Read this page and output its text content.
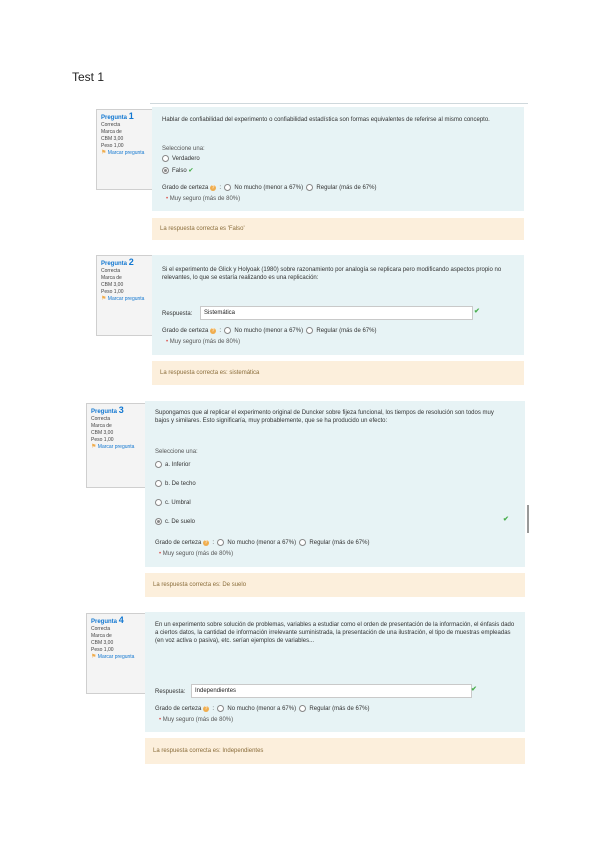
Test 1
Pregunta 1
Correcta
Marca de
CBM 3,00
Peso 1,00
⚑ Marcar pregunta

Hablar de confiabilidad del experimento o confiabilidad estadística son formas equivalentes de referirse al mismo concepto.

Seleccione una:
Verdadero
Falso ✔
Grado de certeza ?  :  No mucho (menor a 67%) Regular (más de 67%)
• Muy seguro (más de 80%)
La respuesta correcta es 'Falso'
Pregunta 2
Correcta
Marca de
CBM 3,00
Peso 1,00
⚑ Marcar pregunta

Si el experimento de Glick y Holyoak (1980) sobre razonamiento por analogía se replicara pero modificando aspectos propio no relevantes, lo que se estaría realizando es una replicación:

Respuesta:	Sistemática	✔
Grado de certeza ?  :  No mucho (menor a 67%) Regular (más de 67%)
• Muy seguro (más de 80%)
La respuesta correcta es: sistemática
Pregunta 3
Correcta
Marca de
CBM 3,00
Peso 1,00
⚑ Marcar pregunta

Supongamos que al replicar el experimento original de Duncker sobre fijeza funcional, los tiempos de resolución son todos muy bajos y similares. Esto significaría, muy probablemente, que se ha producido un efecto:

Seleccione una:
a. Inferior
b. De techo
c. Umbral
c. De suelo	✔
Grado de certeza ?  :  No mucho (menor a 67%) Regular (más de 67%)
• Muy seguro (más de 80%)
La respuesta correcta es: De suelo
Pregunta 4
Correcta
Marca de
CBM 3,00
Peso 1,00
⚑ Marcar pregunta

En un experimento sobre solución de problemas, variables a estudiar como el orden de presentación de la información, el énfasis dado a ciertos datos, la cantidad de información irrelevante suministrada, la presentación de una ilustración, el tipo de muestras empleadas (en voz activa o pasiva), etc. serían ejemplos de variables...

Respuesta:	Independientes	✔
Grado de certeza ?  :  No mucho (menor a 67%) Regular (más de 67%)
• Muy seguro (más de 80%)
La respuesta correcta es: Independientes
